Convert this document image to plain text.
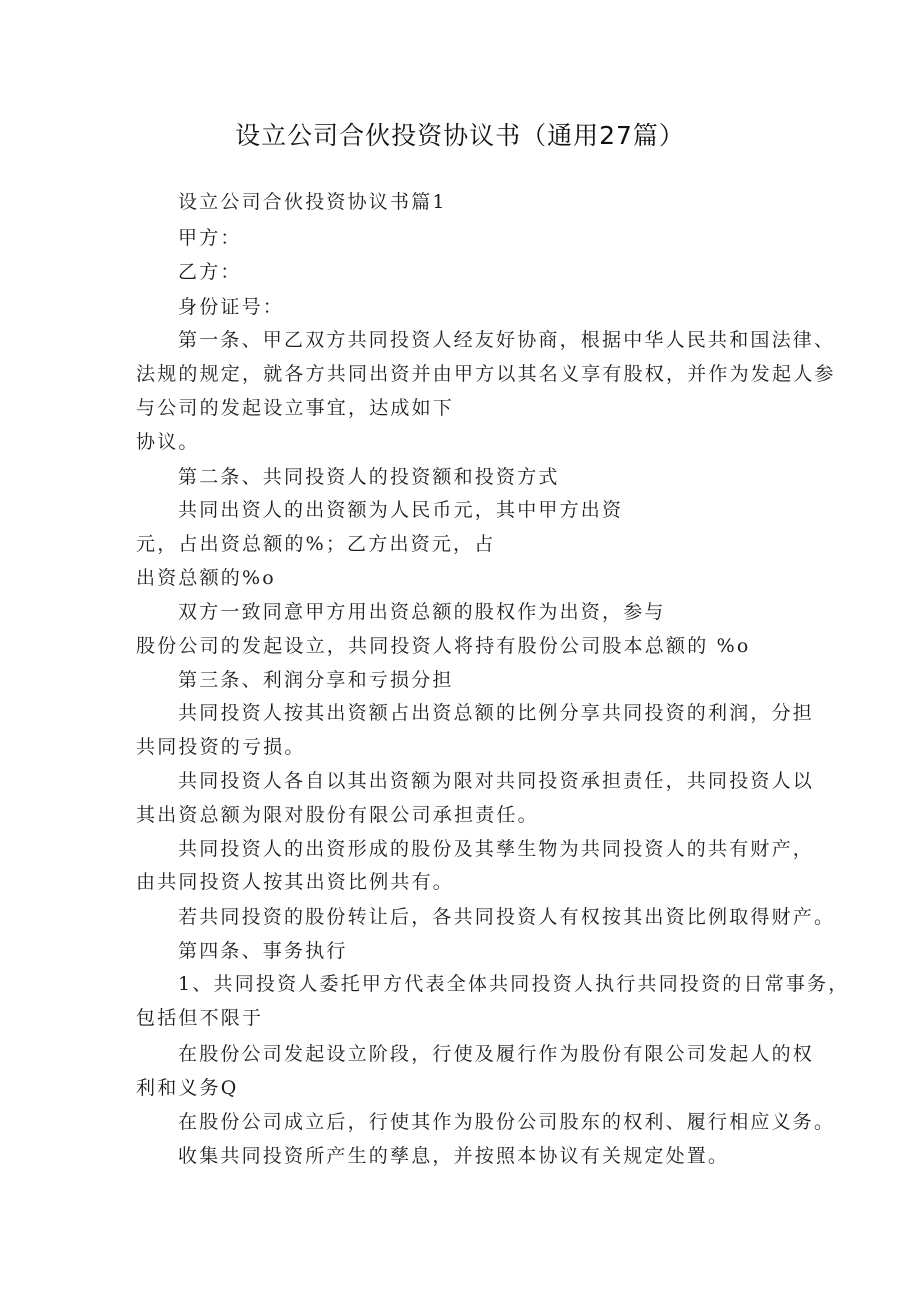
设立公司合伙投资协议书（通用27篇）
设立公司合伙投资协议书篇1
甲方：
乙方：
身份证号：
第一条、甲乙双方共同投资人经友好协商，根据中华人民共和国法律、
法规的规定，就各方共同出资并由甲方以其名义享有股权，并作为发起人参
与公司的发起设立事宜，达成如下
协议。
第二条、共同投资人的投资额和投资方式
共同出资人的出资额为人民币元，其中甲方出资
元，占出资总额的%；乙方出资元，占
出资总额的%o
双方一致同意甲方用出资总额的股权作为出资，参与
股份公司的发起设立，共同投资人将持有股份公司股本总额的 %o
第三条、利润分享和亏损分担
共同投资人按其出资额占出资总额的比例分享共同投资的利润，分担
共同投资的亏损。
共同投资人各自以其出资额为限对共同投资承担责任，共同投资人以
其出资总额为限对股份有限公司承担责任。
共同投资人的出资形成的股份及其孳生物为共同投资人的共有财产，
由共同投资人按其出资比例共有。
若共同投资的股份转让后，各共同投资人有权按其出资比例取得财产。
第四条、事务执行
1、共同投资人委托甲方代表全体共同投资人执行共同投资的日常事务，
包括但不限于
在股份公司发起设立阶段，行使及履行作为股份有限公司发起人的权
利和义务Q
在股份公司成立后，行使其作为股份公司股东的权利、履行相应义务。
收集共同投资所产生的孳息，并按照本协议有关规定处置。
